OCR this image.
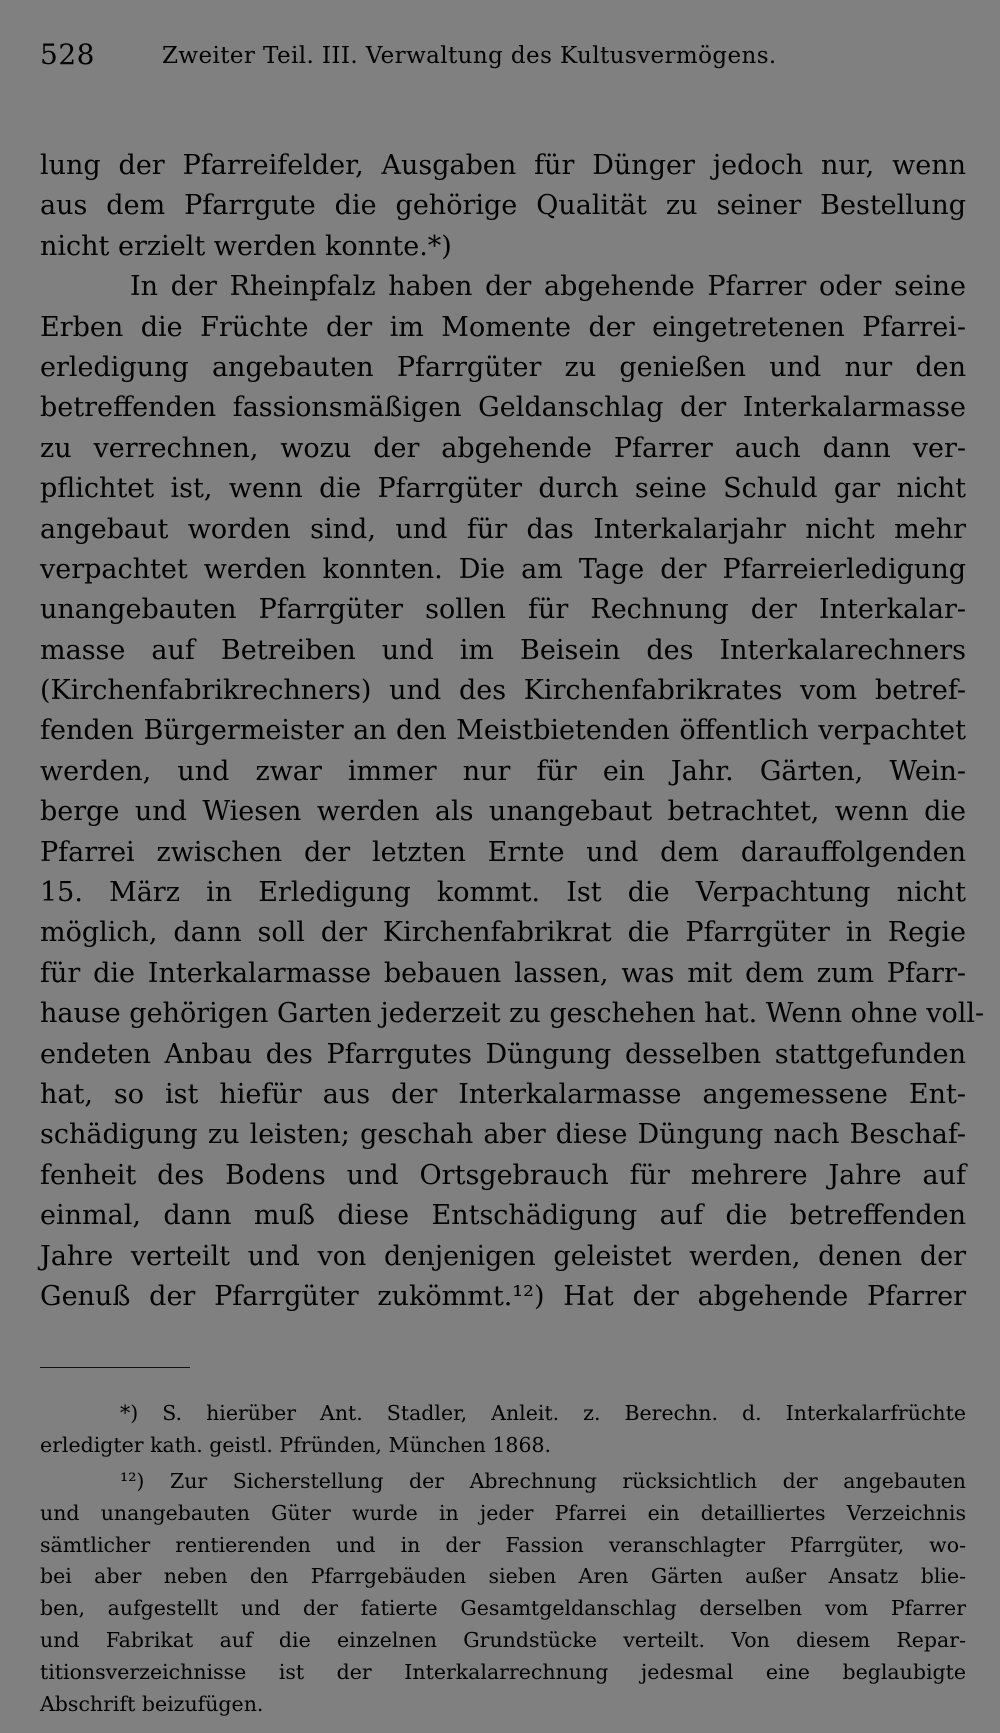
528	Zweiter Teil. III. Verwaltung des Kultusvermögens.
lung der Pfarreifelder, Ausgaben für Dünger jedoch nur, wenn
aus dem Pfarrgute die gehörige Qualität zu seiner Bestellung
nicht erzielt werden konnte.*)
In der Rheinpfalz haben der abgehende Pfarrer oder seine
Erben die Früchte der im Momente der eingetretenen Pfarrei-
erledigung angebauten Pfarrgüter zu genießen und nur den
betreffenden fassionsmäßigen Geldanschlag der Interkalarmasse
zu verrechnen, wozu der abgehende Pfarrer auch dann ver-
pflichtet ist, wenn die Pfarrgüter durch seine Schuld gar nicht
angebaut worden sind, und für das Interkalarjahr nicht mehr
verpachtet werden konnten. Die am Tage der Pfarreierledigung
unangebauten Pfarrgüter sollen für Rechnung der Interkalar-
masse auf Betreiben und im Beisein des Interkalarechners
(Kirchenfabrikrechners) und des Kirchenfabrikrates vom betref-
fenden Bürgermeister an den Meistbietenden öffentlich verpachtet
werden, und zwar immer nur für ein Jahr. Gärten, Wein-
berge und Wiesen werden als unangebaut betrachtet, wenn die
Pfarrei zwischen der letzten Ernte und dem darauffolgenden
15. März in Erledigung kommt. Ist die Verpachtung nicht
möglich, dann soll der Kirchenfabrikrat die Pfarrgüter in Regie
für die Interkalarmasse bebauen lassen, was mit dem zum Pfarr-
hause gehörigen Garten jederzeit zu geschehen hat. Wenn ohne voll-
endeten Anbau des Pfarrgutes Düngung desselben stattgefunden
hat, so ist hiefür aus der Interkalarmasse angemessene Ent-
schädigung zu leisten; geschah aber diese Düngung nach Beschaf-
fenheit des Bodens und Ortsgebrauch für mehrere Jahre auf
einmal, dann muß diese Entschädigung auf die betreffenden
Jahre verteilt und von denjenigen geleistet werden, denen der
Genuß der Pfarrgüter zukömmt.¹²) Hat der abgehende Pfarrer
*) S. hierüber Ant. Stadler, Anleit. z. Berechn. d. Interkalarfrüchte
erledigter kath. geistl. Pfründen, München 1868.
¹²) Zur Sicherstellung der Abrechnung rücksichtlich der angebauten
und unangebauten Güter wurde in jeder Pfarrei ein detailliertes Verzeichnis
sämtlicher rentierenden und in der Fassion veranschlagter Pfarrgüter, wo-
bei aber neben den Pfarrgebäuden sieben Aren Gärten außer Ansatz blie-
ben, aufgestellt und der fatierte Gesamtgeldanschlag derselben vom Pfarrer
und Fabrikat auf die einzelnen Grundstücke verteilt. Von diesem Repar-
titionsverzeichnisse ist der Interkalarrechnung jedesmal eine beglaubigte
Abschrift beizufügen.
